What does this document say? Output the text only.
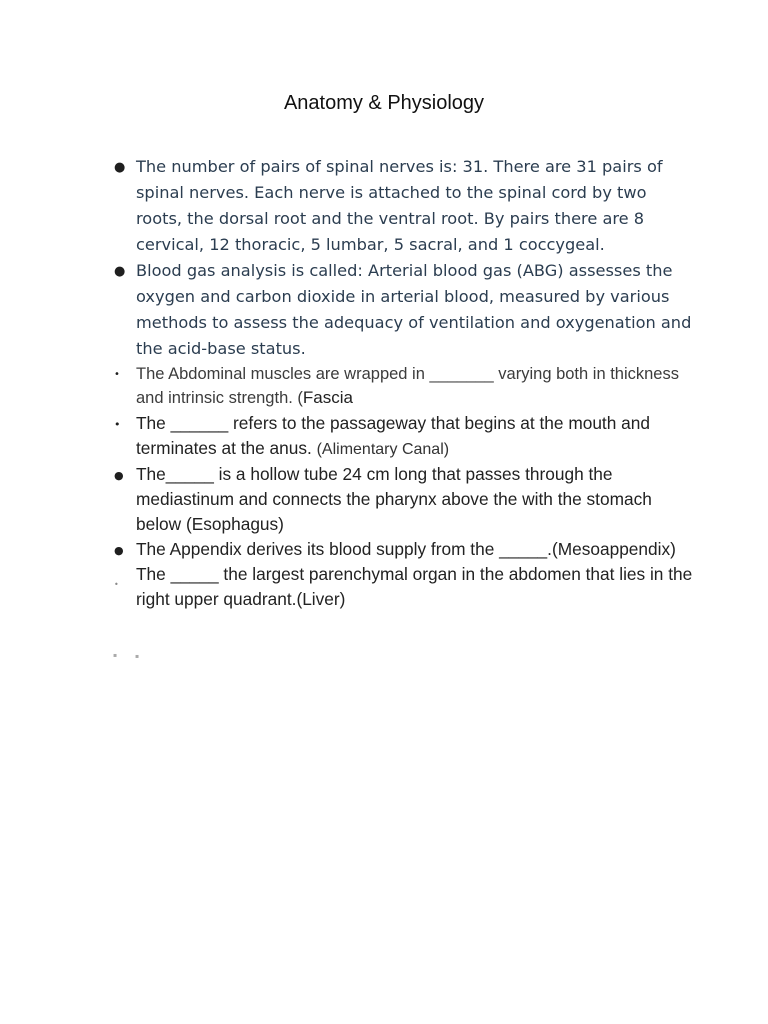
Anatomy & Physiology
● The number of pairs of spinal nerves is: 31. There are 31 pairs of spinal nerves. Each nerve is attached to the spinal cord by two roots, the dorsal root and the ventral root. By pairs there are 8 cervical, 12 thoracic, 5 lumbar, 5 sacral, and 1 coccygeal.
● Blood gas analysis is called: Arterial blood gas (ABG) assesses the oxygen and carbon dioxide in arterial blood, measured by various methods to assess the adequacy of ventilation and oxygenation and the acid-base status.
• The Abdominal muscles are wrapped in _______ varying both in thickness and intrinsic strength. (Fascia
• The ______ refers to the passageway that begins at the mouth and terminates at the anus. (Alimentary Canal)
● The_____ is a hollow tube 24 cm long that passes through the mediastinum and connects the pharynx above the with the stomach below (Esophagus)
● The Appendix derives its blood supply from the _____.(Mesoappendix)
•
The _____ the largest parenchymal organ in the abdomen that lies in the right upper quadrant.(Liver)
▪	▪
